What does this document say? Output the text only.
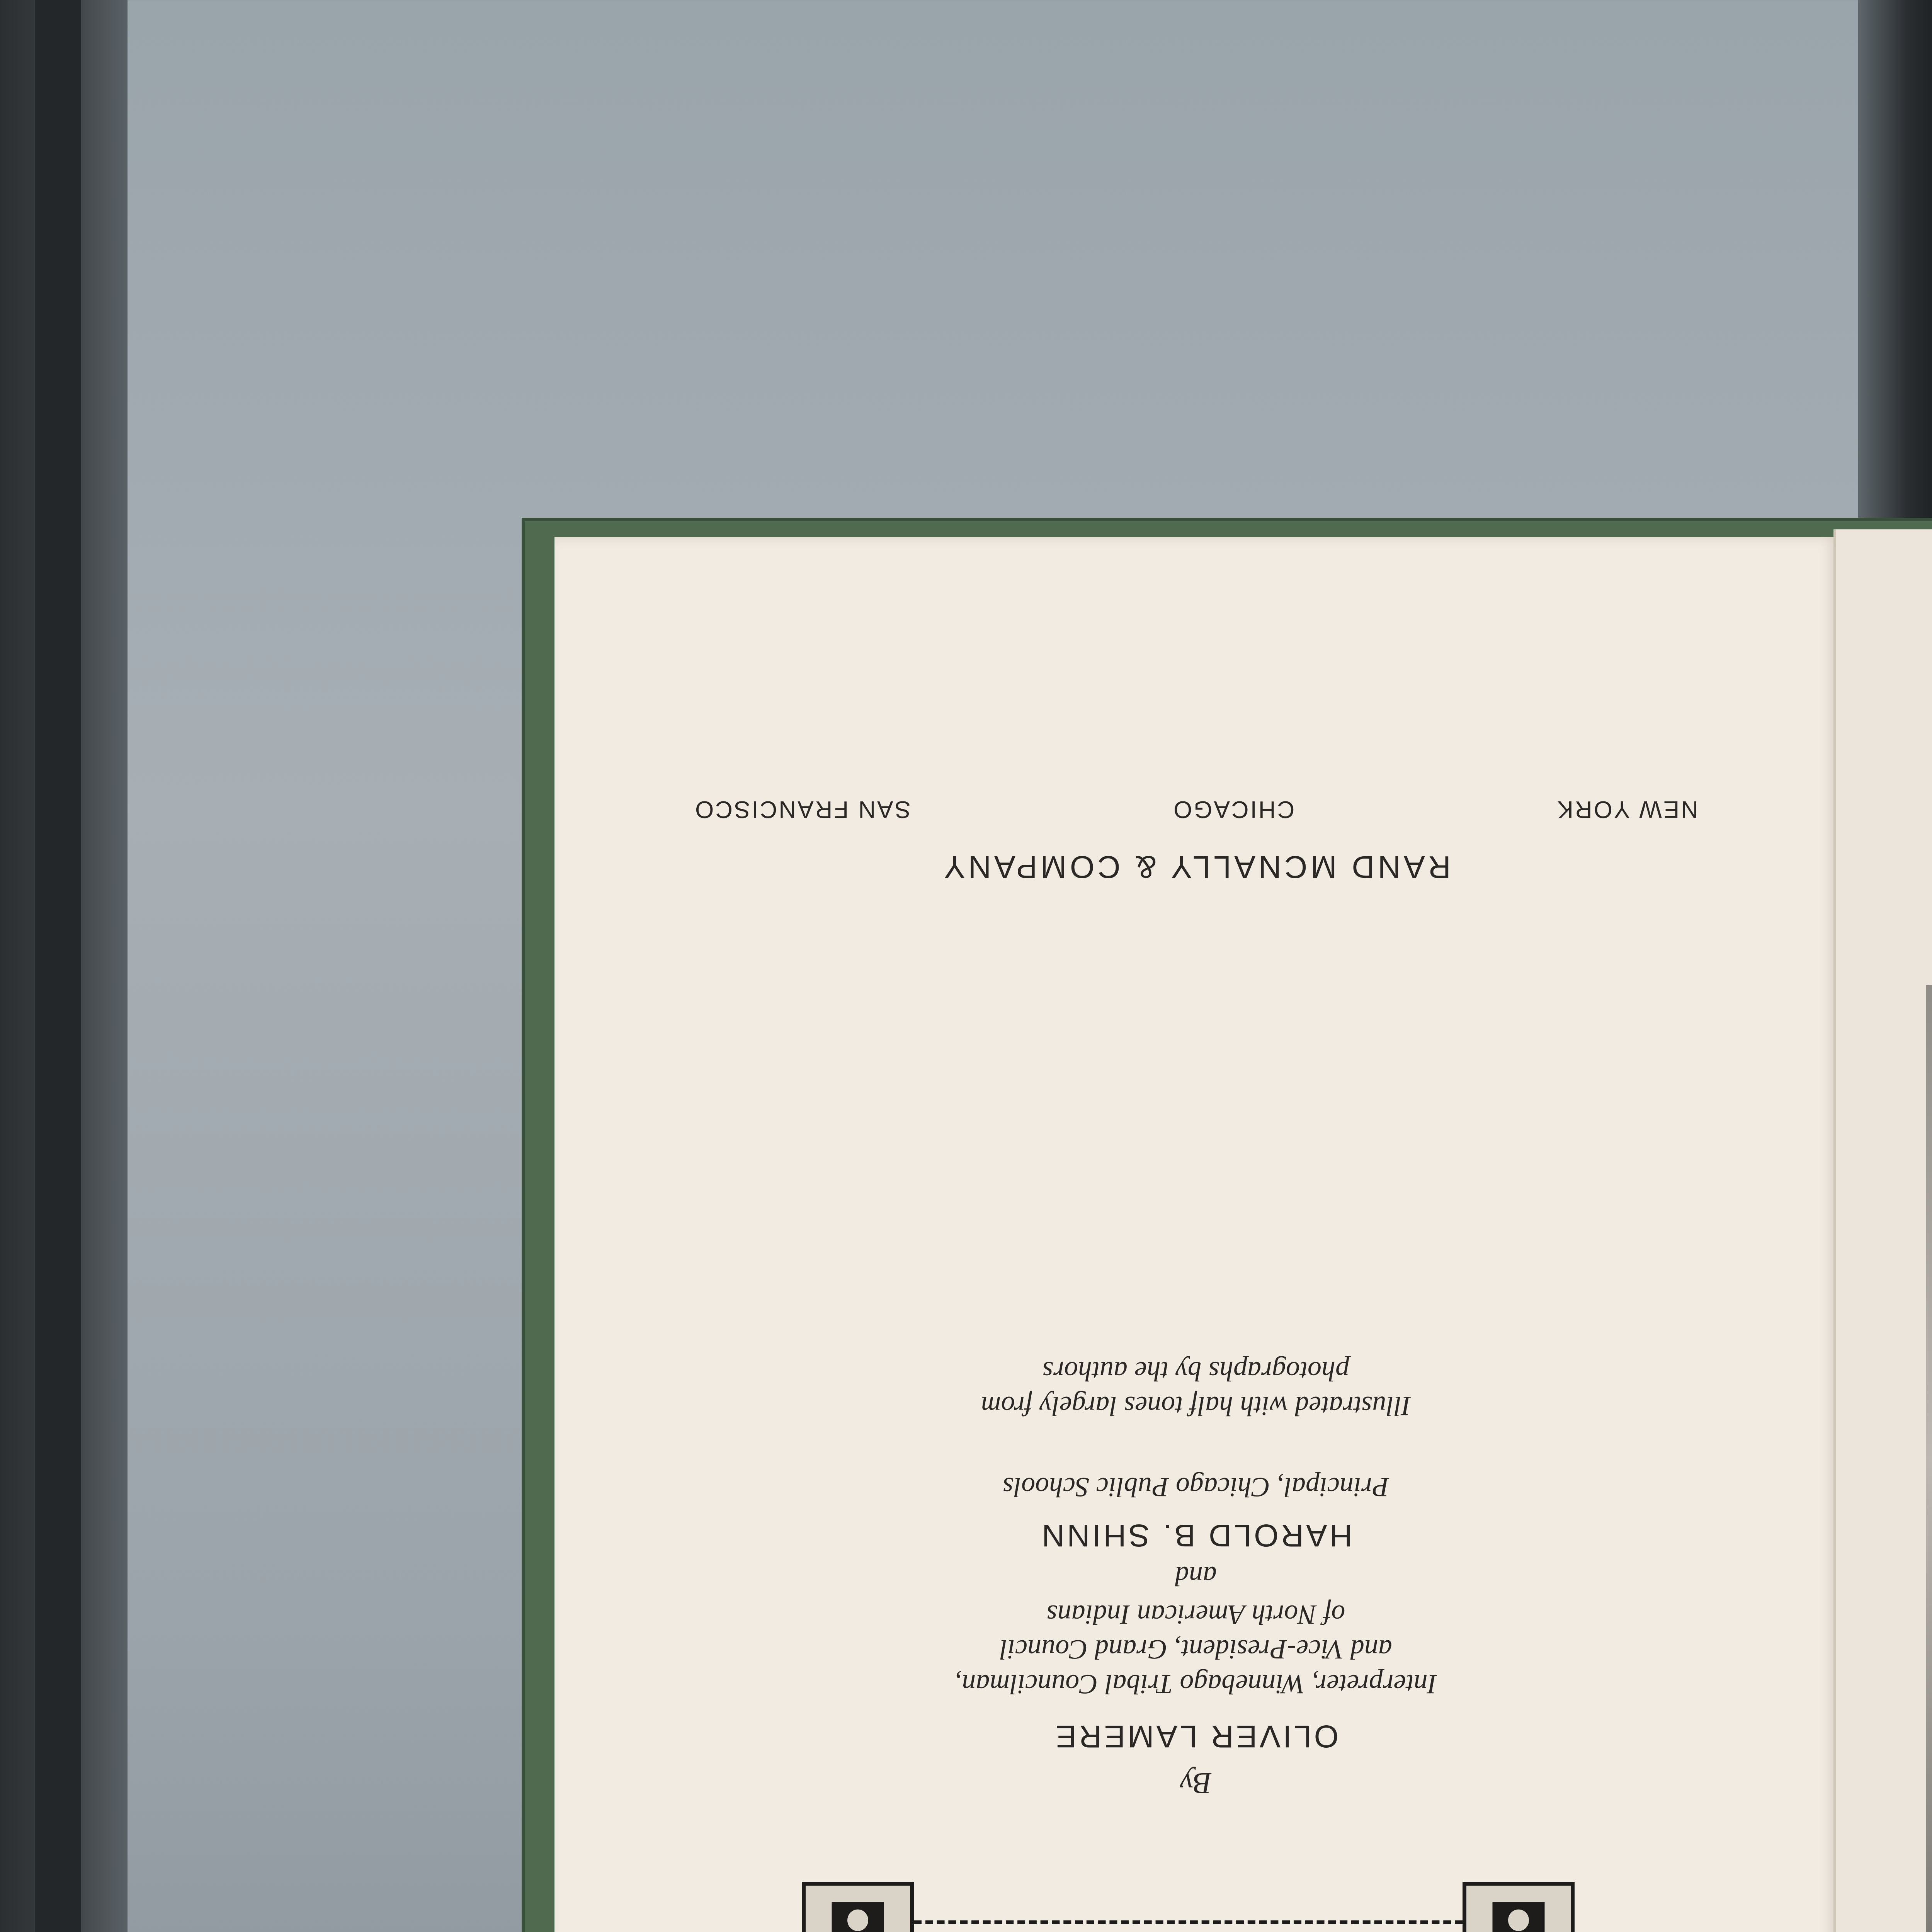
By
OLIVER LAMERE
Interpreter, Winnebago Tribal Councilman,
and Vice-President, Grand Council
of North American Indians
and
HAROLD B. SHINN
Principal, Chicago Public Schools
Illustrated with half tones largely from
photographs by the authors
RAND MCNALLY & COMPANY
NEW YORK
CHICAGO
SAN FRANCISCO
